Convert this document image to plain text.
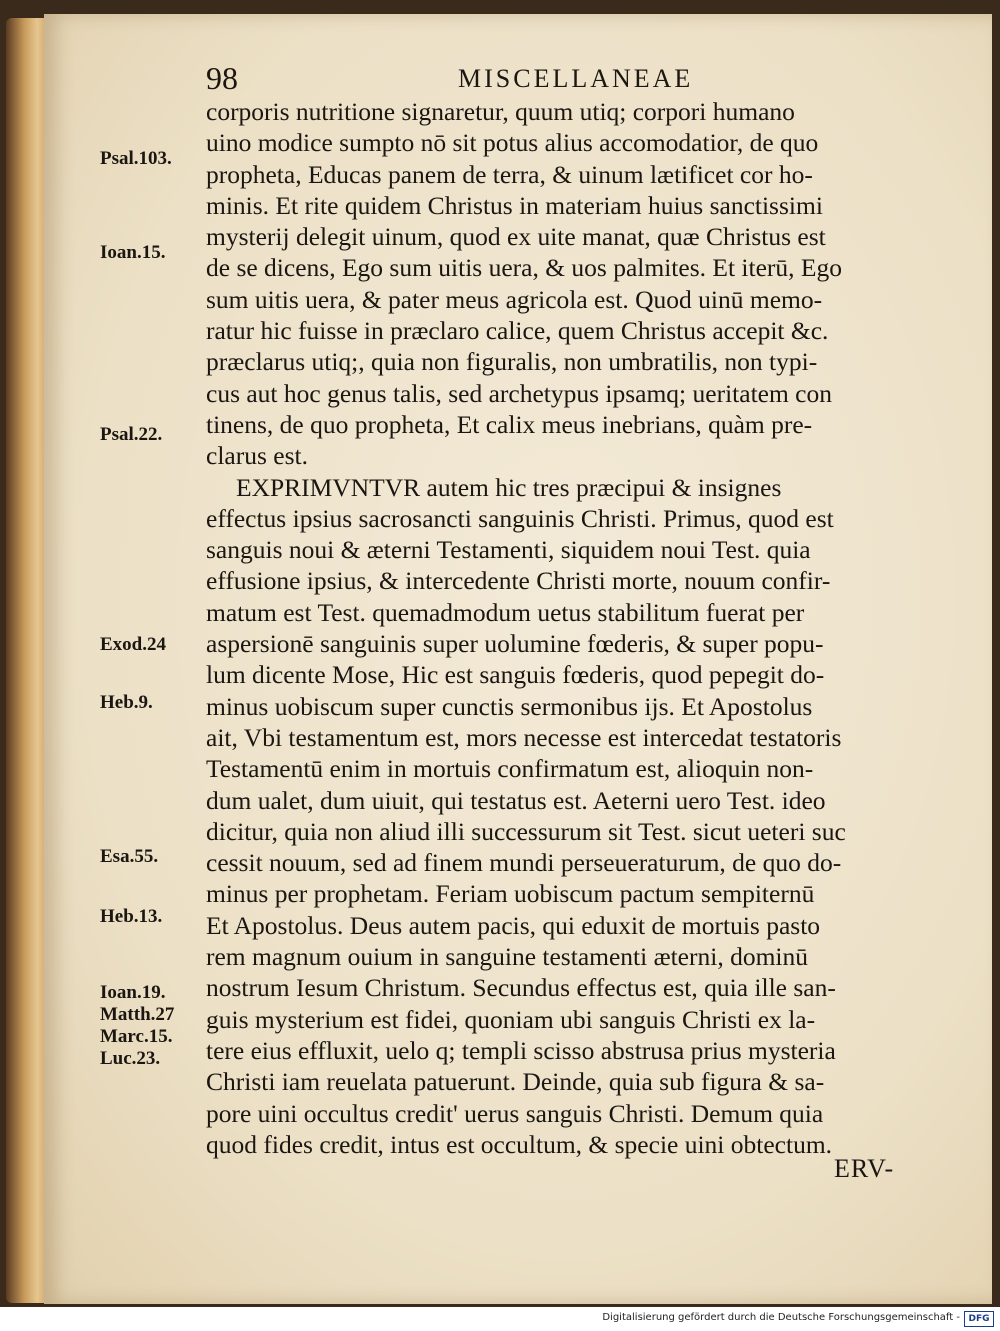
98	MISCELLANEAE
corporis nutritione signaretur, quum utiq; corpori humano
uino modice sumpto nō sit potus alius accomodatior, de quo
propheta, Educas panem de terra, & uinum lætificet cor ho-
minis. Et rite quidem Christus in materiam huius sanctissimi
mysterij delegit uinum, quod ex uite manat, quæ Christus est
de se dicens, Ego sum uitis uera, & uos palmites. Et iterū, Ego
sum uitis uera, & pater meus agricola est. Quod uinū memo-
ratur hic fuisse in præclaro calice, quem Christus accepit &c.
præclarus utiq;, quia non figuralis, non umbratilis, non typi-
cus aut hoc genus talis, sed archetypus ipsamq; ueritatem con
tinens, de quo propheta, Et calix meus inebrians, quàm pre-
clarus est.
EXPRIMVNTVR autem hic tres præcipui & insignes
effectus ipsius sacrosancti sanguinis Christi. Primus, quod est
sanguis noui & æterni Testamenti, siquidem noui Test. quia
effusione ipsius, & intercedente Christi morte, nouum confir-
matum est Test. quemadmodum uetus stabilitum fuerat per
aspersionē sanguinis super uolumine fœderis, & super popu-
lum dicente Mose, Hic est sanguis fœderis, quod pepegit do-
minus uobiscum super cunctis sermonibus ijs. Et Apostolus
ait, Vbi testamentum est, mors necesse est intercedat testatoris
Testamentū enim in mortuis confirmatum est, alioquin non-
dum ualet, dum uiuit, qui testatus est. Aeterni uero Test. ideo
dicitur, quia non aliud illi successurum sit Test. sicut ueteri suc
cessit nouum, sed ad finem mundi perseueraturum, de quo do-
minus per prophetam. Feriam uobiscum pactum sempiternū
Et Apostolus. Deus autem pacis, qui eduxit de mortuis pasto
rem magnum ouium in sanguine testamenti æterni, dominū
nostrum Iesum Christum. Secundus effectus est, quia ille san-
guis mysterium est fidei, quoniam ubi sanguis Christi ex la-
tere eius effluxit, uelo q; templi scisso abstrusa prius mysteria
Christi iam reuelata patuerunt. Deinde, quia sub figura & sa-
pore uini occultus credit' uerus sanguis Christi. Demum quia
quod fides credit, intus est occultum, & specie uini obtectum.
ERV-
Psal.103.
Ioan.15.
Psal.22.
Exod.24
Heb.9.
Esa.55.
Heb.13.
Ioan.19.
Matth.27
Marc.15.
Luc.23.
Digitalisierung gefördert durch die Deutsche Forschungsgemeinschaft - DFG
